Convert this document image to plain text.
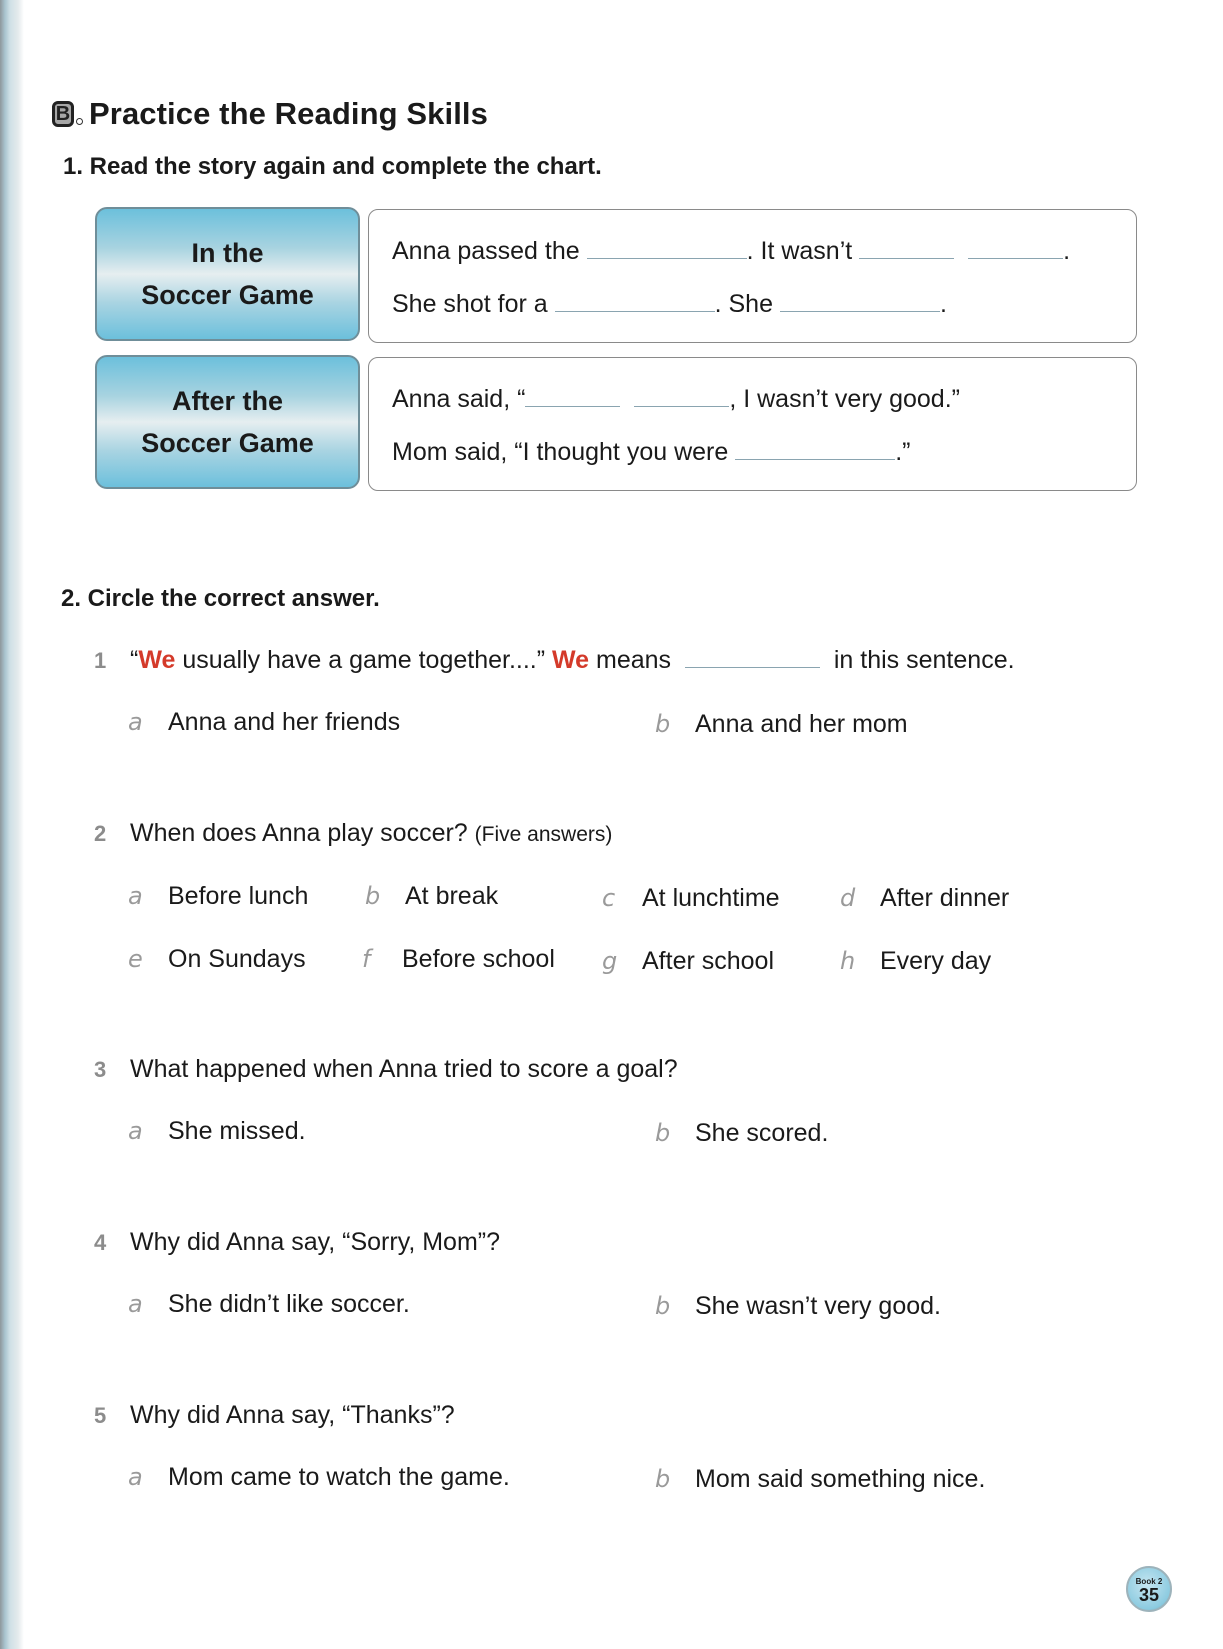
B Practice the Reading Skills
1. Read the story again and complete the chart.
In the
Soccer Game
Anna passed the	. It wasn’t	.
She shot for a	. She	.
After the
Soccer Game
Anna said, “	, I wasn’t very good.”
Mom said, “I thought you were	.”
2. Circle the correct answer.
1 “We usually have a game together....” We means	in this sentence.
a	Anna and her friends	b Anna and her mom
2 When does Anna play soccer? (Five answers)
a	Before lunch b At break	c	At lunchtime	d After dinner
e	On Sundays f	Before school g After school	h Every day
3 What happened when Anna tried to score a goal?
a	She missed.	b She scored.
4 Why did Anna say, “Sorry, Mom”?
a	She didn’t like soccer.	b She wasn’t very good.
5 Why did Anna say, “Thanks”?
a	Mom came to watch the game.	b Mom said something nice.
Book 2
35
